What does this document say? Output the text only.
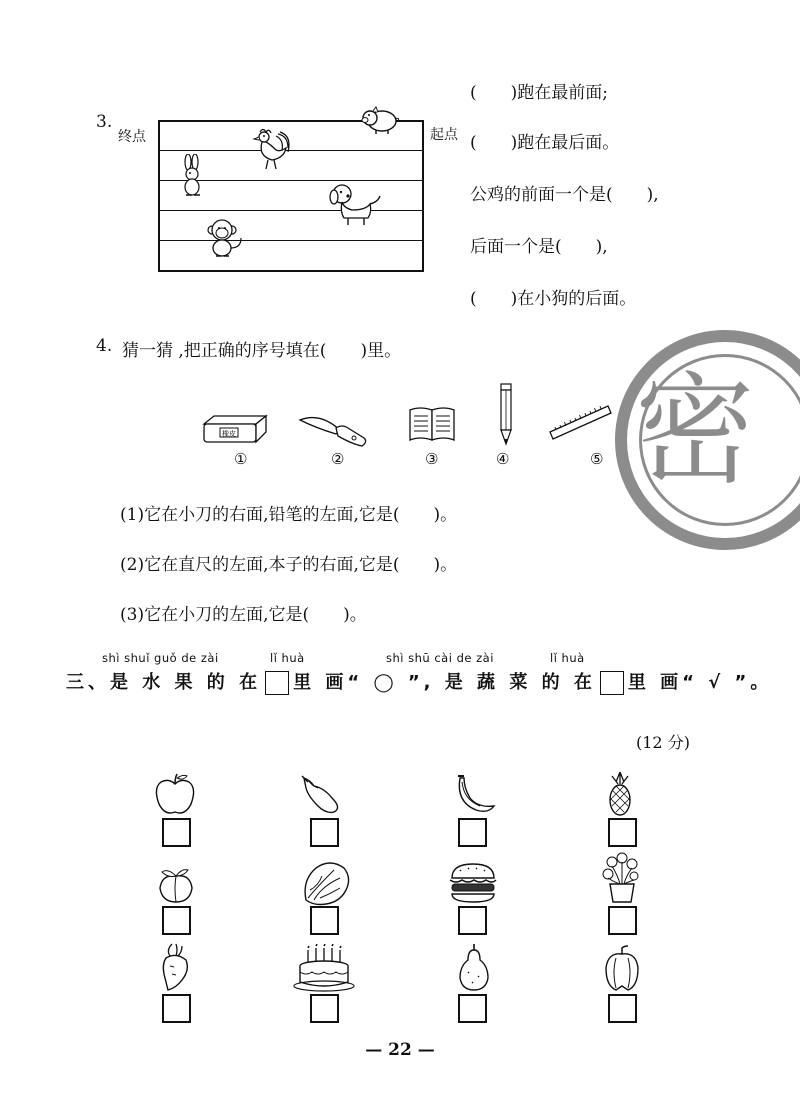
3.
终点	起点
(　　)跑在最前面;
(　　)跑在最后面。
公鸡的前面一个是(　　),
后面一个是(　　),
(　　)在小狗的后面。
密
4. 猜一猜 ,把正确的序号填在(　　)里。
橡皮
①	②	③	④	⑤
(1)它在小刀的右面,铅笔的左面,它是(　　)。
(2)它在直尺的左面,本子的右面,它是(　　)。
(3)它在小刀的左面,它是(　　)。
shì shuǐ guǒ de zài	lǐ huà	shì shū cài de zài	lǐ huà
三、是 水 果 的 在 里 画“ ◯ ”, 是 蔬 菜 的 在 里 画“ √ ”。
(12 分)
— 22 —
